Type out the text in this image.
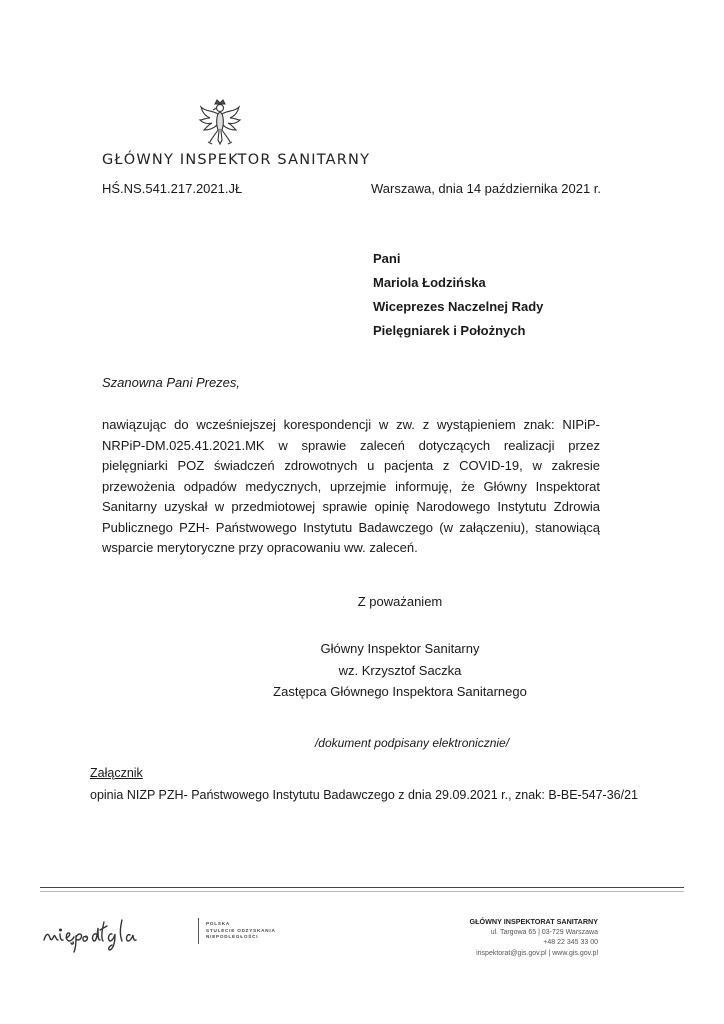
GŁÓWNY INSPEKTOR SANITARNY
HŚ.NS.541.217.2021.JŁ	Warszawa, dnia 14 października 2021 r.
Pani
Mariola Łodzińska
Wiceprezes Naczelnej Rady
Pielęgniarek i Położnych
Szanowna Pani Prezes,
nawiązując do wcześniejszej korespondencji w zw. z wystąpieniem znak: NIPiP-NRPiP-DM.025.41.2021.MK w sprawie zaleceń dotyczących realizacji przez pielęgniarki POZ świadczeń zdrowotnych u pacjenta z COVID-19, w zakresie przewożenia odpadów medycznych, uprzejmie informuję, że Główny Inspektorat Sanitarny uzyskał w przedmiotowej sprawie opinię Narodowego Instytutu Zdrowia Publicznego PZH- Państwowego Instytutu Badawczego (w załączeniu), stanowiącą wsparcie merytoryczne przy opracowaniu ww. zaleceń.
Z poważaniem
Główny Inspektor Sanitarny
wz. Krzysztof Saczka
Zastępca Głównego Inspektora Sanitarnego
/dokument podpisany elektronicznie/
Załącznik
opinia NIZP PZH- Państwowego Instytutu Badawczego z dnia 29.09.2021 r., znak: B-BE-547-36/21
POLSKA
STULECIE ODZYSKANIA
NIEPODLEGŁOŚCI
GŁÓWNY INSPEKTORAT SANITARNY
ul. Targowa 65 | 03-729 Warszawa
+48 22 345 33 00
inspektorat@gis.gov.pl | www.gis.gov.pl
